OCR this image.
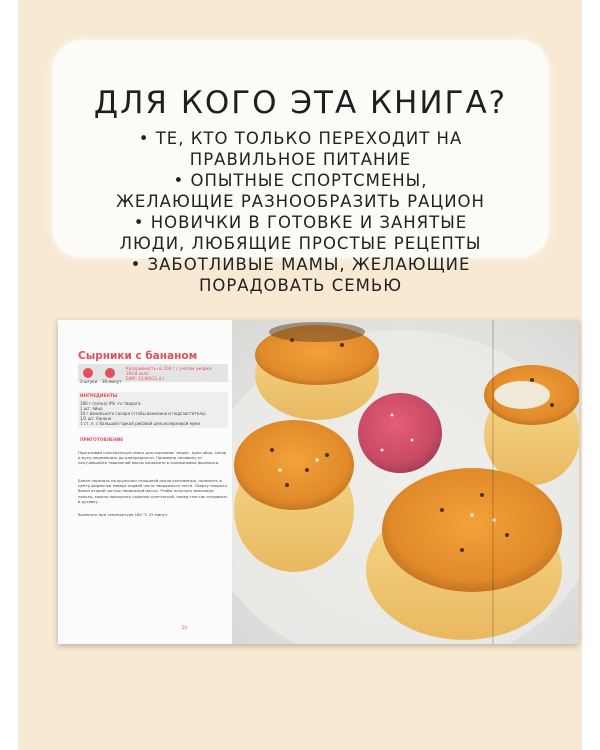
ДЛЯ КОГО ЭТА КНИГА?
• ТЕ, КТО ТОЛЬКО ПЕРЕХОДИТ НА ПРАВИЛЬНОЕ ПИТАНИЕ
• ОПЫТНЫЕ СПОРТСМЕНЫ, ЖЕЛАЮЩИЕ РАЗНООБРАЗИТЬ РАЦИОН
• НОВИЧКИ В ГОТОВКЕ И ЗАНЯТЫЕ ЛЮДИ, ЛЮБЯЩИЕ ПРОСТЫЕ РЕЦЕПТЫ
• ЗАБОТЛИВЫЕ МАМЫ, ЖЕЛАЮЩИЕ ПОРАДОВАТЬ СЕМЬЮ
Сырники с бананом
3 штуки 30 минут
Калорийность на 100 г с учетом ужарки
190,8 ккал
БЖУ: 13,8/6/21,4 г
ИНГРЕДИЕНТЫ
180 г (пачка) 9% -го творога
1 шт. яйцо
10 г ванильного сахара (чтобы ванилина и подсластитель)
1/2 шт. банана
1 ст. л. с большой горкой рисовой цельнозерновой муки
ПРИГОТОВЛЕНИЕ
Подготовим классическую смесь для сырников: творог, одно яйцо, сахар и муку перемешать до однородности. Примерно половину от получившейся творожной массы выложить в силиконовые формочки.
Банан порезать на кружочки толщиной около сантиметра, положить в центр формочки поверх первой части творожного теста. Сверху накрыть банан второй частью творожной массы. Чтобы получить максимум пользы, можно присыпать сырники клетчаткой, перед тем как отправить в духовку.
Выпекать при температуре 180 °С 25 минут.
20
